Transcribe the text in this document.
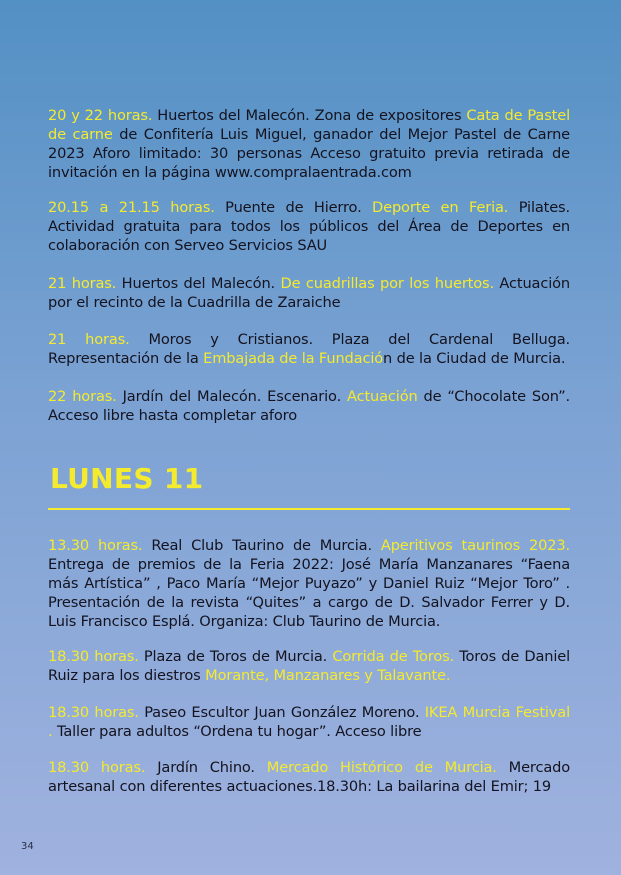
20 y 22 horas. Huertos del Malecón. Zona de expositores Cata de Pastel de carne de Confitería Luis Miguel, ganador del Mejor Pastel de Carne 2023 Aforo limitado: 30 personas Acceso gratuito previa retirada de invitación en la página www.compralaentrada.com

20.15 a 21.15 horas. Puente de Hierro. Deporte en Feria. Pilates. Actividad gratuita para todos los públicos del Área de Deportes en colaboración con Serveo Servicios SAU

21 horas. Huertos del Malecón. De cuadrillas por los huertos. Actuación por el recinto de la Cuadrilla de Zaraiche

21 horas. Moros y Cristianos. Plaza del Cardenal Belluga. Representación de la Embajada de la Fundación de la Ciudad de Murcia.

22 horas. Jardín del Malecón. Escenario. Actuación de “Chocolate Son”. Acceso libre hasta completar aforo

LUNES 11

13.30 horas. Real Club Taurino de Murcia. Aperitivos taurinos 2023. Entrega de premios de la Feria 2022: José María Manzanares “Faena más Artística” , Paco María “Mejor Puyazo” y Daniel Ruiz “Mejor Toro” . Presentación de la revista “Quites” a cargo de D. Salvador Ferrer y D. Luis Francisco Esplá. Organiza: Club Taurino de Murcia.

18.30 horas. Plaza de Toros de Murcia. Corrida de Toros. Toros de Daniel Ruiz para los diestros Morante, Manzanares y Talavante.

18.30 horas. Paseo Escultor Juan González Moreno. IKEA Murcia Festival . Taller para adultos “Ordena tu hogar”. Acceso libre

18.30 horas. Jardín Chino. Mercado Histórico de Murcia. Mercado artesanal con diferentes actuaciones.18.30h: La bailarina del Emir; 19

34
